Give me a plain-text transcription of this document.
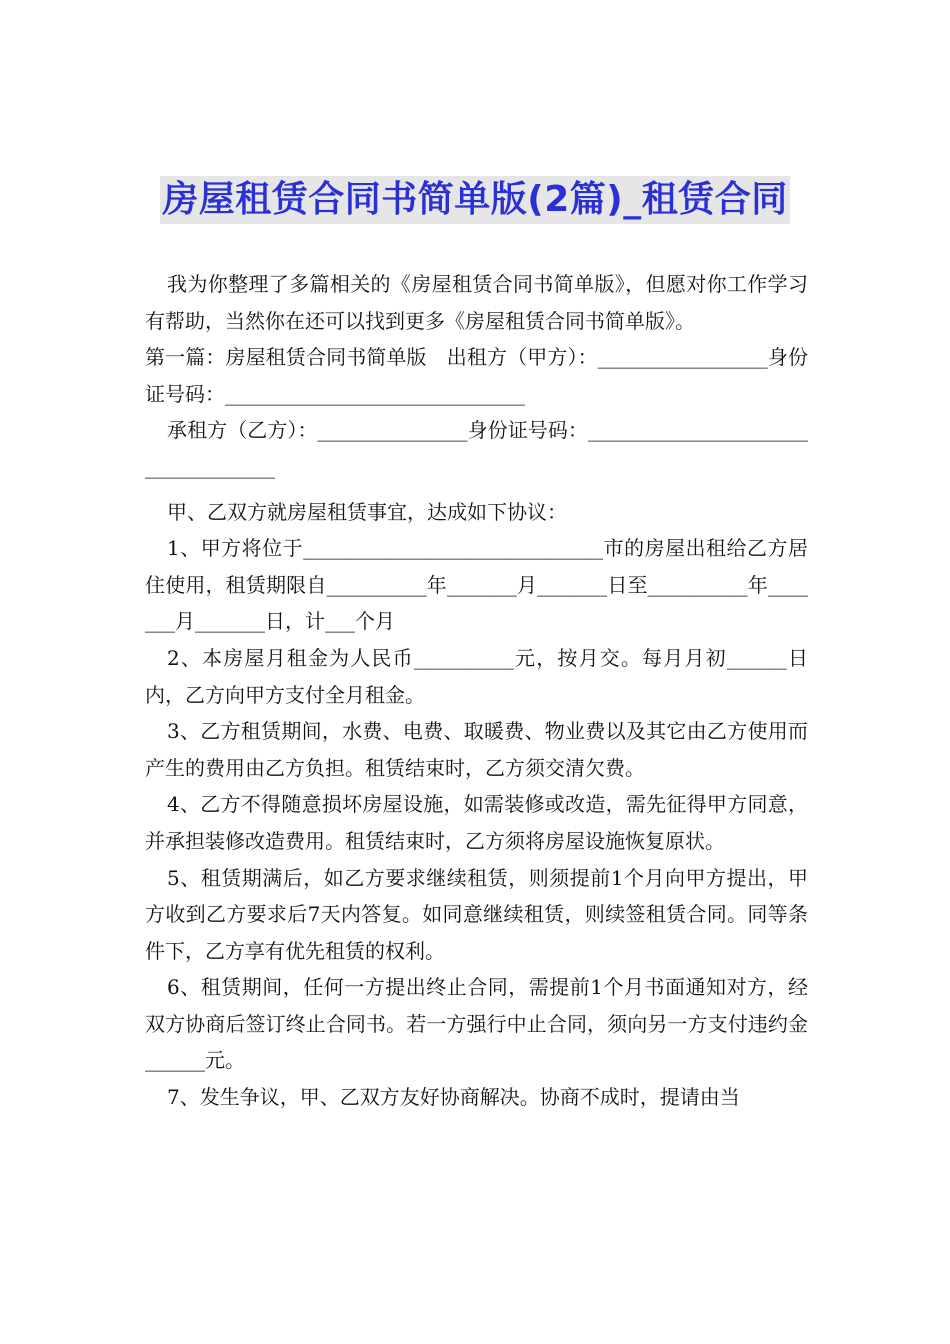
房屋租赁合同书简单版(2篇)_租赁合同

我为你整理了多篇相关的《房屋租赁合同书简单版》，但愿对你工作学习有帮助，当然你在还可以找到更多《房屋租赁合同书简单版》。

第一篇：房屋租赁合同书简单版　出租方（甲方）：_________________身份证号码：______________________________

承租方（乙方）：_______________身份证号码：___________________________________

甲、乙双方就房屋租赁事宜，达成如下协议：

1、甲方将位于______________________________市的房屋出租给乙方居住使用，租赁期限自__________年_______月_______日至__________年_______月_______日，计___个月

2、本房屋月租金为人民币__________元，按月交。每月月初______日内，乙方向甲方支付全月租金。

3、乙方租赁期间，水费、电费、取暖费、物业费以及其它由乙方使用而产生的费用由乙方负担。租赁结束时，乙方须交清欠费。

4、乙方不得随意损坏房屋设施，如需装修或改造，需先征得甲方同意，并承担装修改造费用。租赁结束时，乙方须将房屋设施恢复原状。

5、租赁期满后，如乙方要求继续租赁，则须提前1个月向甲方提出，甲方收到乙方要求后7天内答复。如同意继续租赁，则续签租赁合同。同等条件下，乙方享有优先租赁的权利。

6、租赁期间，任何一方提出终止合同，需提前1个月书面通知对方，经双方协商后签订终止合同书。若一方强行中止合同，须向另一方支付违约金______元。

7、发生争议，甲、乙双方友好协商解决。协商不成时，提请由当
